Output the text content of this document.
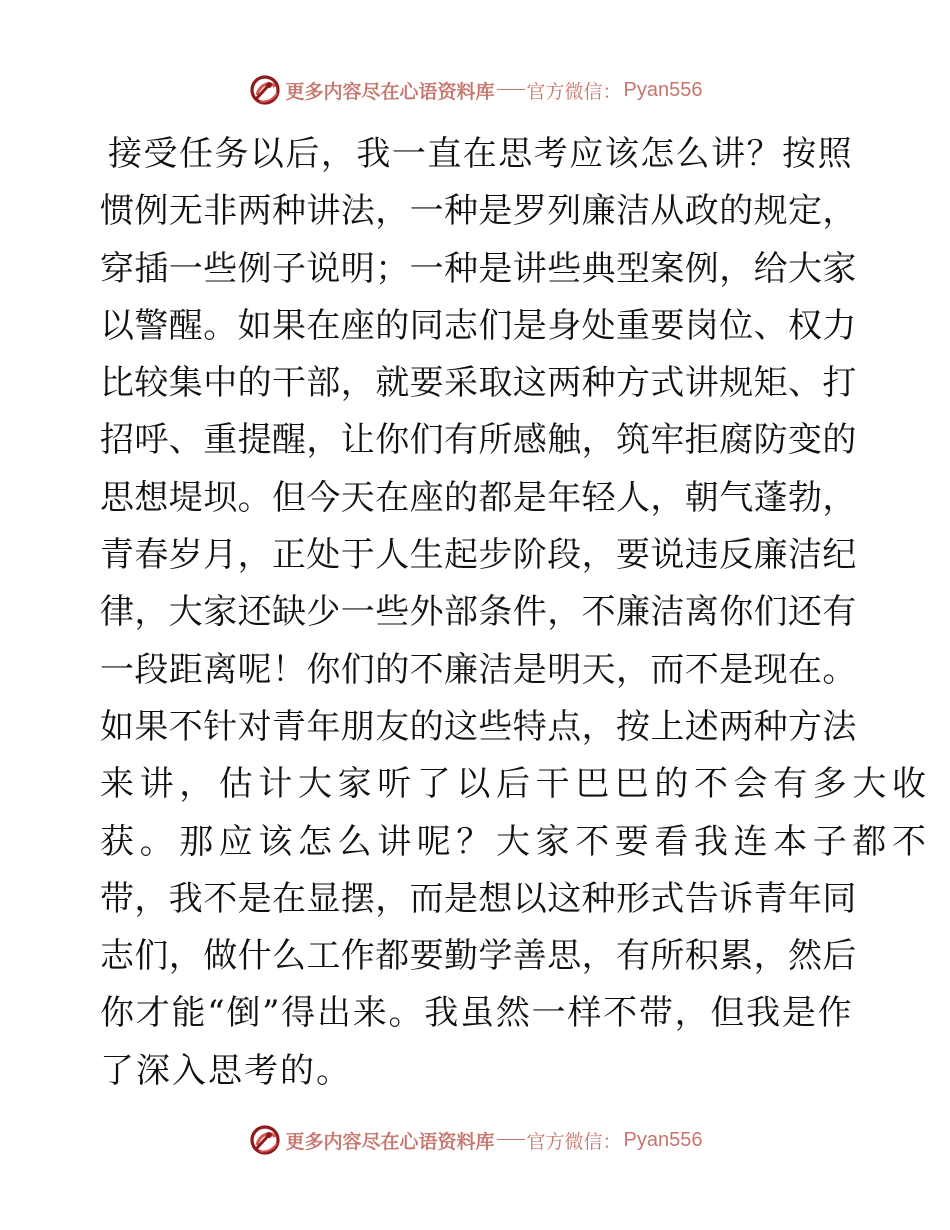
更多内容尽在心语资料库 官方微信： Pyan556
接受任务以后，我一直在思考应该怎么讲？按照
惯例无非两种讲法，一种是罗列廉洁从政的规定，
穿插一些例子说明；一种是讲些典型案例，给大家
以警醒。如果在座的同志们是身处重要岗位、权力
比较集中的干部，就要采取这两种方式讲规矩、打
招呼、重提醒，让你们有所感触，筑牢拒腐防变的
思想堤坝。但今天在座的都是年轻人，朝气蓬勃，
青春岁月，正处于人生起步阶段，要说违反廉洁纪
律，大家还缺少一些外部条件，不廉洁离你们还有
一段距离呢！你们的不廉洁是明天，而不是现在。
如果不针对青年朋友的这些特点，按上述两种方法
来讲，估计大家听了以后干巴巴的不会有多大收
获。那应该怎么讲呢？大家不要看我连本子都不
带，我不是在显摆，而是想以这种形式告诉青年同
志们，做什么工作都要勤学善思，有所积累，然后
你才能“倒”得出来。我虽然一样不带，但我是作
了深入思考的。
更多内容尽在心语资料库 官方微信： Pyan556
